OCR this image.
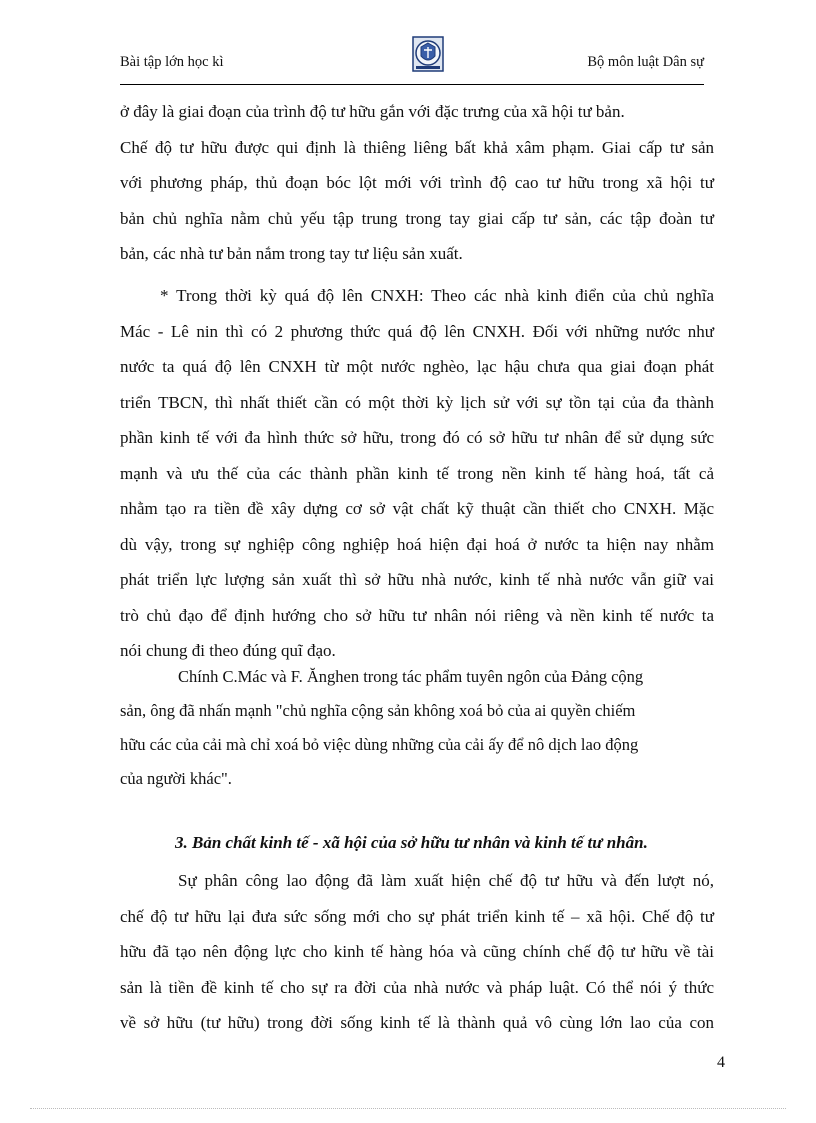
Bài tập lớn học kì	Bộ môn luật Dân sự
ở đây là giai đoạn của trình độ tư hữu gắn với đặc trưng của xã hội tư bản.
Chế độ tư hữu được qui định là thiêng liêng bất khả xâm phạm. Giai cấp tư sản
với phương pháp, thủ đoạn bóc lột mới với trình độ cao tư hữu trong xã hội tư
bản chủ nghĩa nằm chủ yếu tập trung trong tay giai cấp tư sản, các tập đoàn tư
bản, các nhà tư bản nắm trong tay tư liệu sản xuất.
* Trong thời kỳ quá độ lên CNXH: Theo các nhà kinh điển của chủ nghĩa
Mác - Lê nin thì có 2 phương thức quá độ lên CNXH. Đối với những nước như
nước ta quá độ lên CNXH từ một nước nghèo, lạc hậu chưa qua giai đoạn phát
triển TBCN, thì nhất thiết cần có một thời kỳ lịch sử với sự tồn tại của đa thành
phần kinh tế với đa hình thức sở hữu, trong đó có sở hữu tư nhân để sử dụng sức
mạnh và ưu thế của các thành phần kinh tế trong nền kinh tế hàng hoá, tất cả
nhằm tạo ra tiền đề xây dựng cơ sở vật chất kỹ thuật cần thiết cho CNXH. Mặc
dù vậy, trong sự nghiệp công nghiệp hoá hiện đại hoá ở nước ta hiện nay nhằm
phát triển lực lượng sản xuất thì sở hữu nhà nước, kinh tế nhà nước vẫn giữ vai
trò chủ đạo để định hướng cho sở hữu tư nhân nói riêng và nền kinh tế nước ta
nói chung đi theo đúng quĩ đạo.
Chính C.Mác và F. Ănghen trong tác phẩm tuyên ngôn của Đảng cộng
sản, ông đã nhấn mạnh "chủ nghĩa cộng sản không xoá bỏ của ai quyền chiếm
hữu các của cải mà chỉ xoá bỏ việc dùng những của cải ấy để nô dịch lao động
của người khác".
3. Bản chất kinh tế - xã hội của sở hữu tư nhân và kinh tế tư nhân.
Sự phân công lao động đã làm xuất hiện chế độ tư hữu và đến lượt nó,
chế độ tư hữu lại đưa sức sống mới cho sự phát triển kinh tế – xã hội. Chế độ tư
hữu đã tạo nên động lực cho kinh tế hàng hóa và cũng chính chế độ tư hữu về tài
sản là tiền đề kinh tế cho sự ra đời của nhà nước và pháp luật. Có thể nói ý thức
về sở hữu (tư hữu) trong đời sống kinh tế là thành quả vô cùng lớn lao của con
4
